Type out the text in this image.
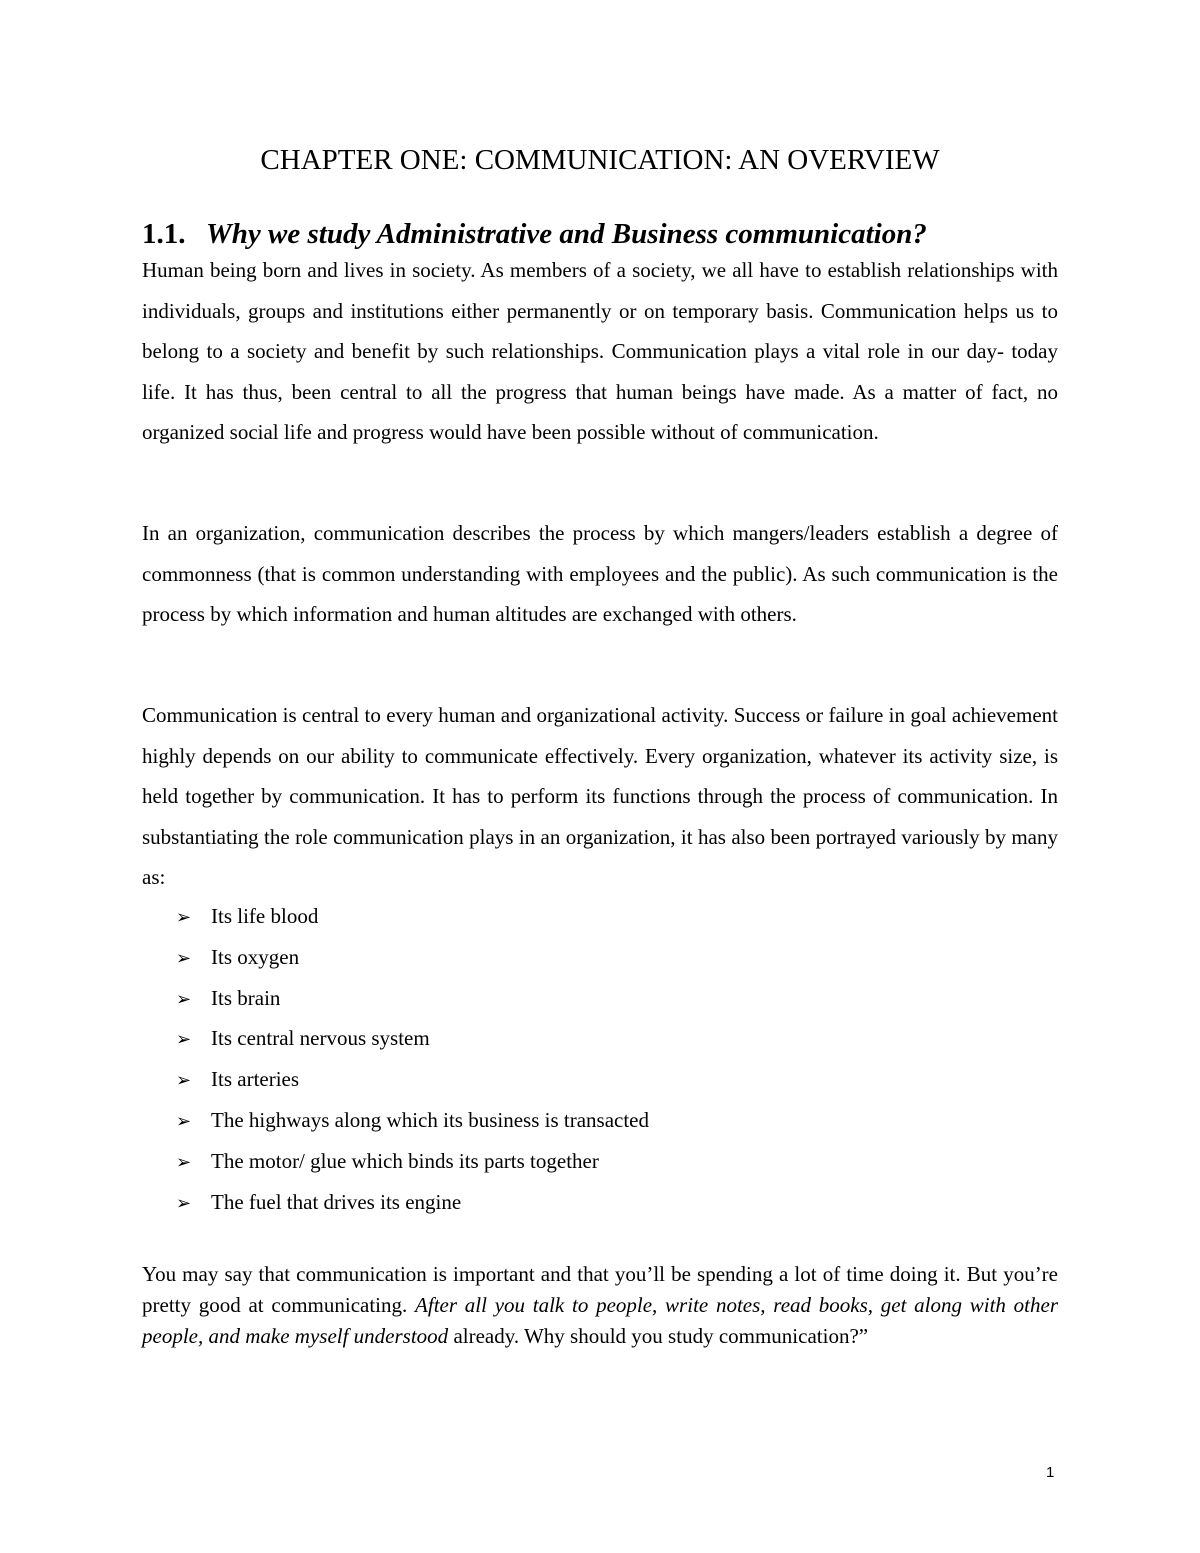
CHAPTER ONE: COMMUNICATION: AN OVERVIEW
1.1. Why we study Administrative and Business communication?

Human being born and lives in society. As members of a society, we all have to establish relationships with individuals, groups and institutions either permanently or on temporary basis. Communication helps us to belong to a society and benefit by such relationships. Communication plays a vital role in our day- today life. It has thus, been central to all the progress that human beings have made. As a matter of fact, no organized social life and progress would have been possible without of communication.

In an organization, communication describes the process by which mangers/leaders establish a degree of commonness (that is common understanding with employees and the public). As such communication is the process by which information and human altitudes are exchanged with others.

Communication is central to every human and organizational activity. Success or failure in goal achievement highly depends on our ability to communicate effectively. Every organization, whatever its activity size, is held together by communication. It has to perform its functions through the process of communication. In substantiating the role communication plays in an organization, it has also been portrayed variously by many as:

➢ Its life blood
➢ Its oxygen
➢ Its brain
➢ Its central nervous system
➢ Its arteries
➢ The highways along which its business is transacted
➢ The motor/ glue which binds its parts together
➢ The fuel that drives its engine

You may say that communication is important and that you’ll be spending a lot of time doing it. But you’re pretty good at communicating. After all you talk to people, write notes, read books, get along with other people, and make myself understood already. Why should you study communication?”

1
